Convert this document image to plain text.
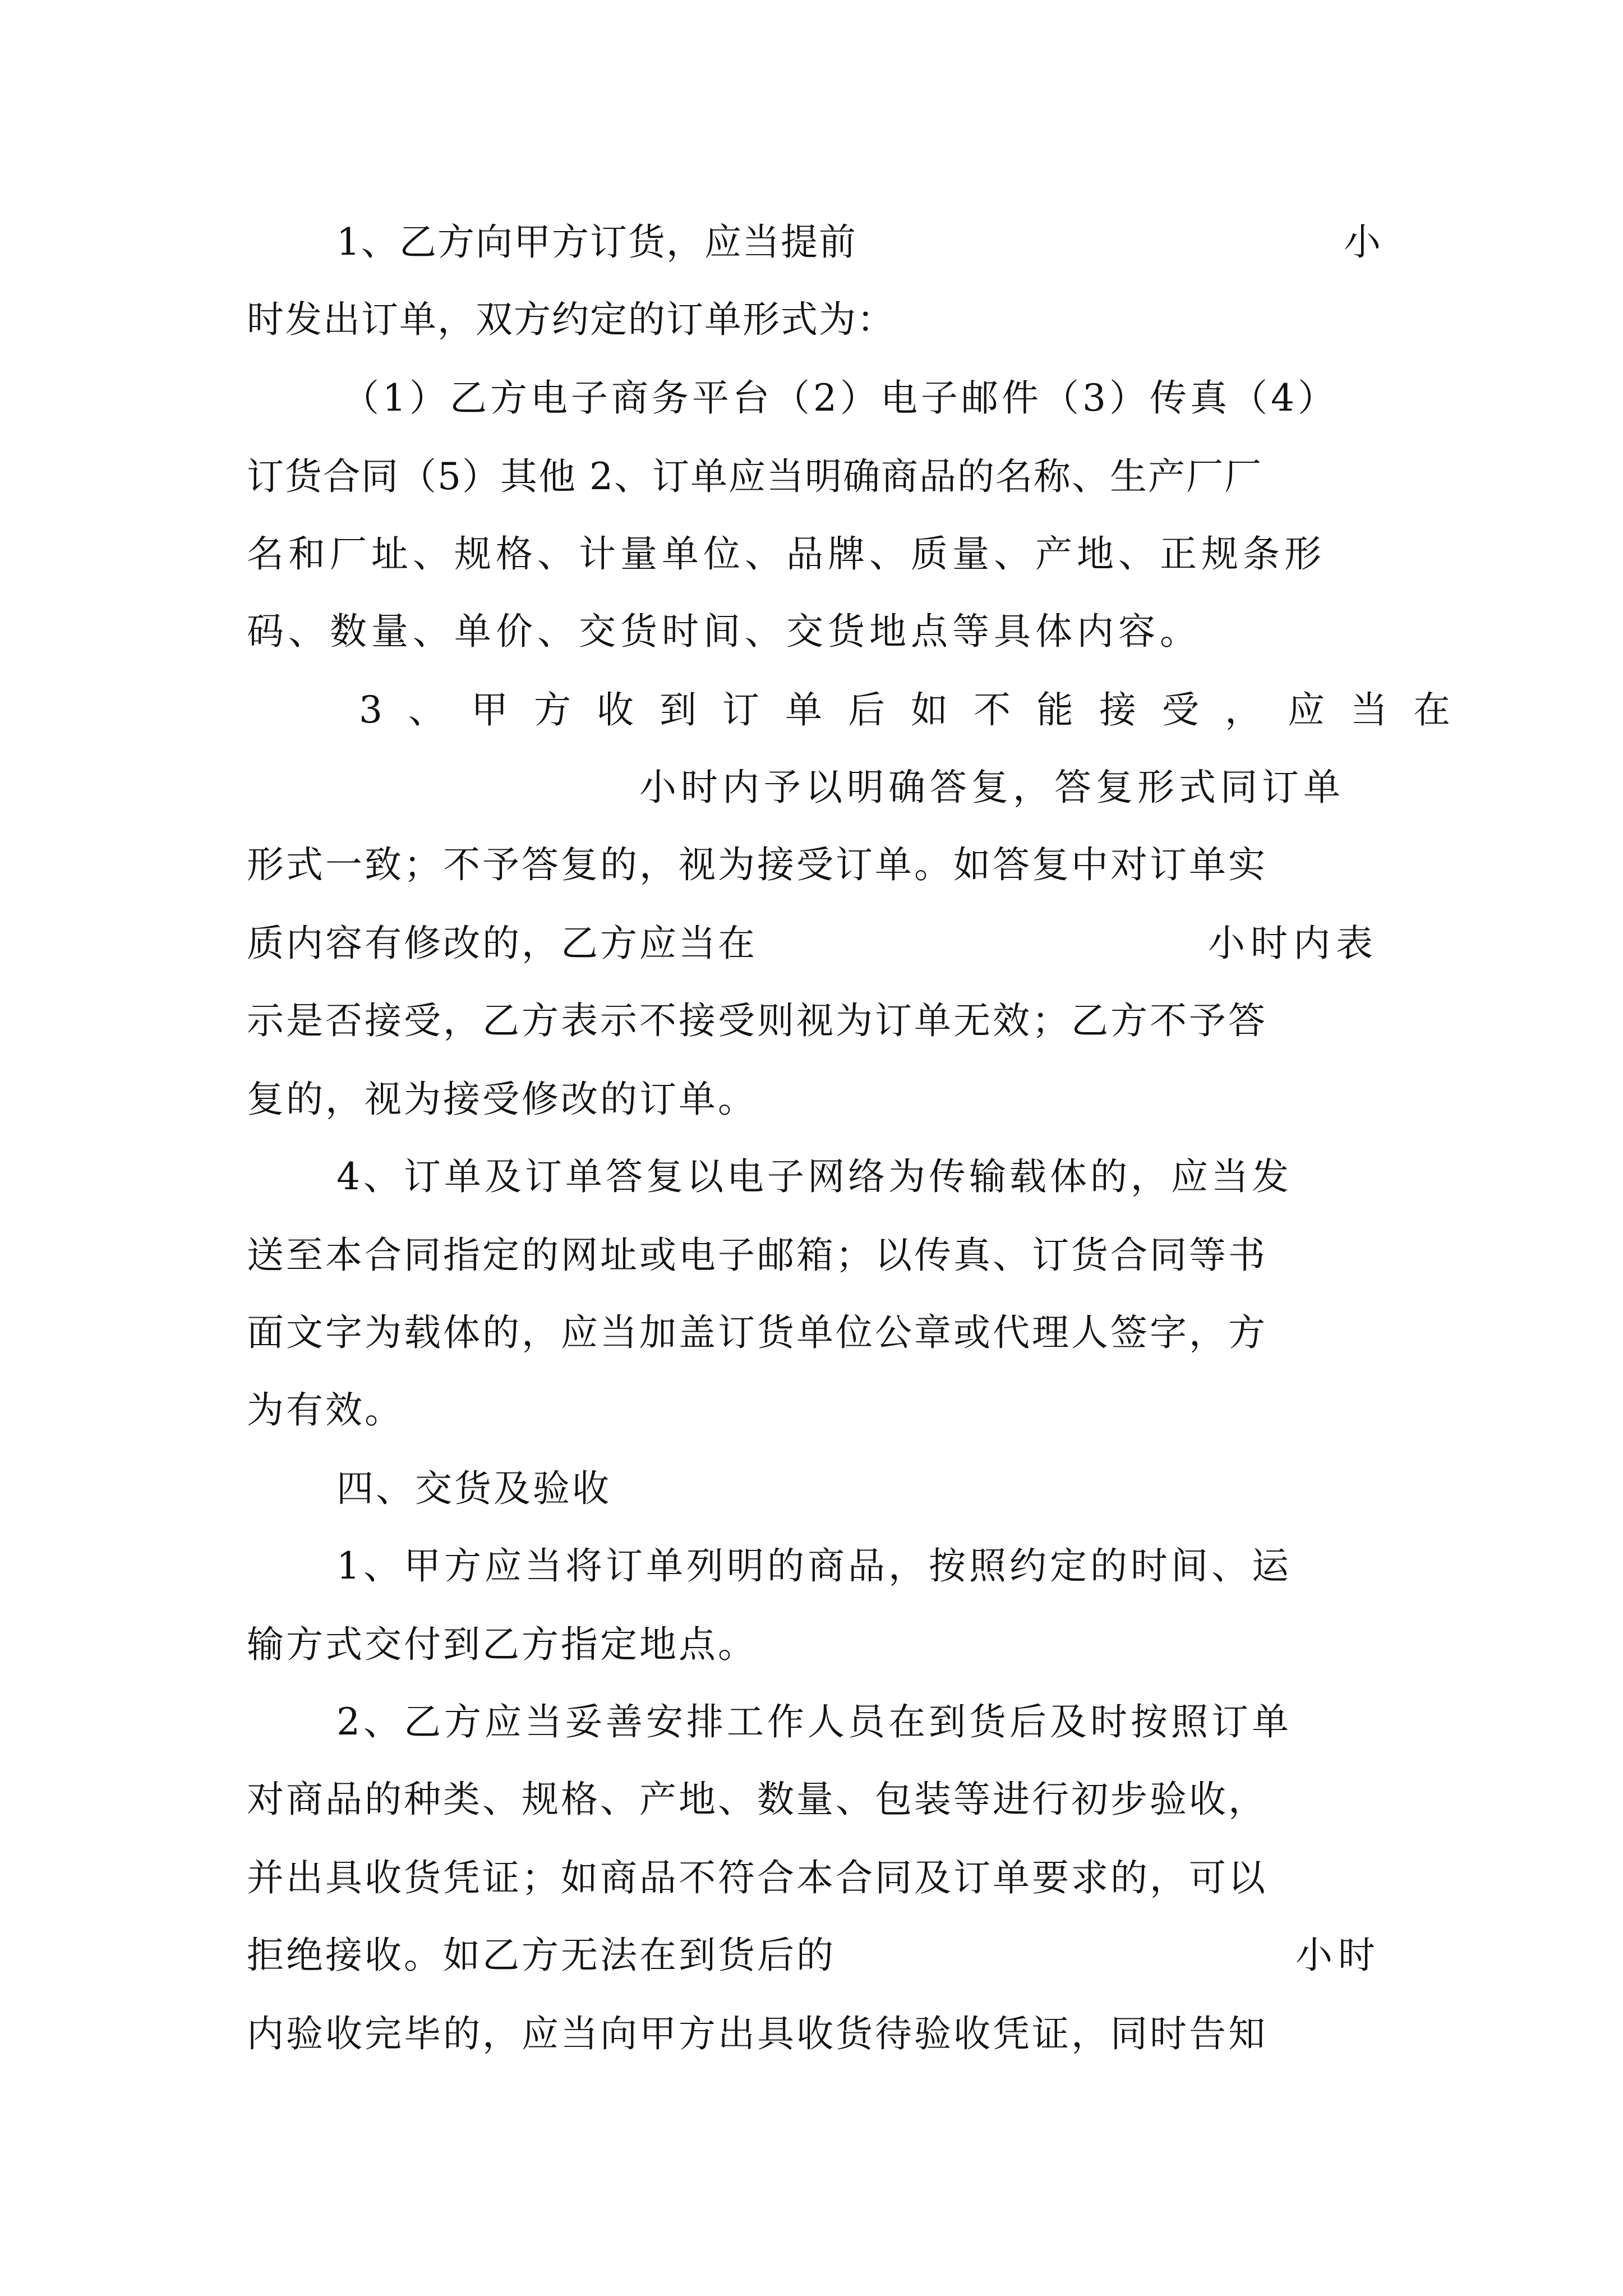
1、乙方向甲方订货，应当提前	小
时发出订单，双方约定的订单形式为：
（1）乙方电子商务平台（2）电子邮件（3）传真（4）
订货合同（5）其他 2、订单应当明确商品的名称、生产厂厂
名和厂址、规格、计量单位、品牌、质量、产地、正规条形
码、数量、单价、交货时间、交货地点等具体内容。
3、甲方收到订单后如不能接受，应当在
小时内予以明确答复，答复形式同订单
形式一致；不予答复的，视为接受订单。如答复中对订单实
质内容有修改的，乙方应当在	小时内表
示是否接受，乙方表示不接受则视为订单无效；乙方不予答
复的，视为接受修改的订单。
4、订单及订单答复以电子网络为传输载体的，应当发
送至本合同指定的网址或电子邮箱；以传真、订货合同等书
面文字为载体的，应当加盖订货单位公章或代理人签字，方
为有效。
四、交货及验收
1、甲方应当将订单列明的商品，按照约定的时间、运
输方式交付到乙方指定地点。
2、乙方应当妥善安排工作人员在到货后及时按照订单
对商品的种类、规格、产地、数量、包装等进行初步验收，
并出具收货凭证；如商品不符合本合同及订单要求的，可以
拒绝接收。如乙方无法在到货后的	小时
内验收完毕的，应当向甲方出具收货待验收凭证，同时告知
